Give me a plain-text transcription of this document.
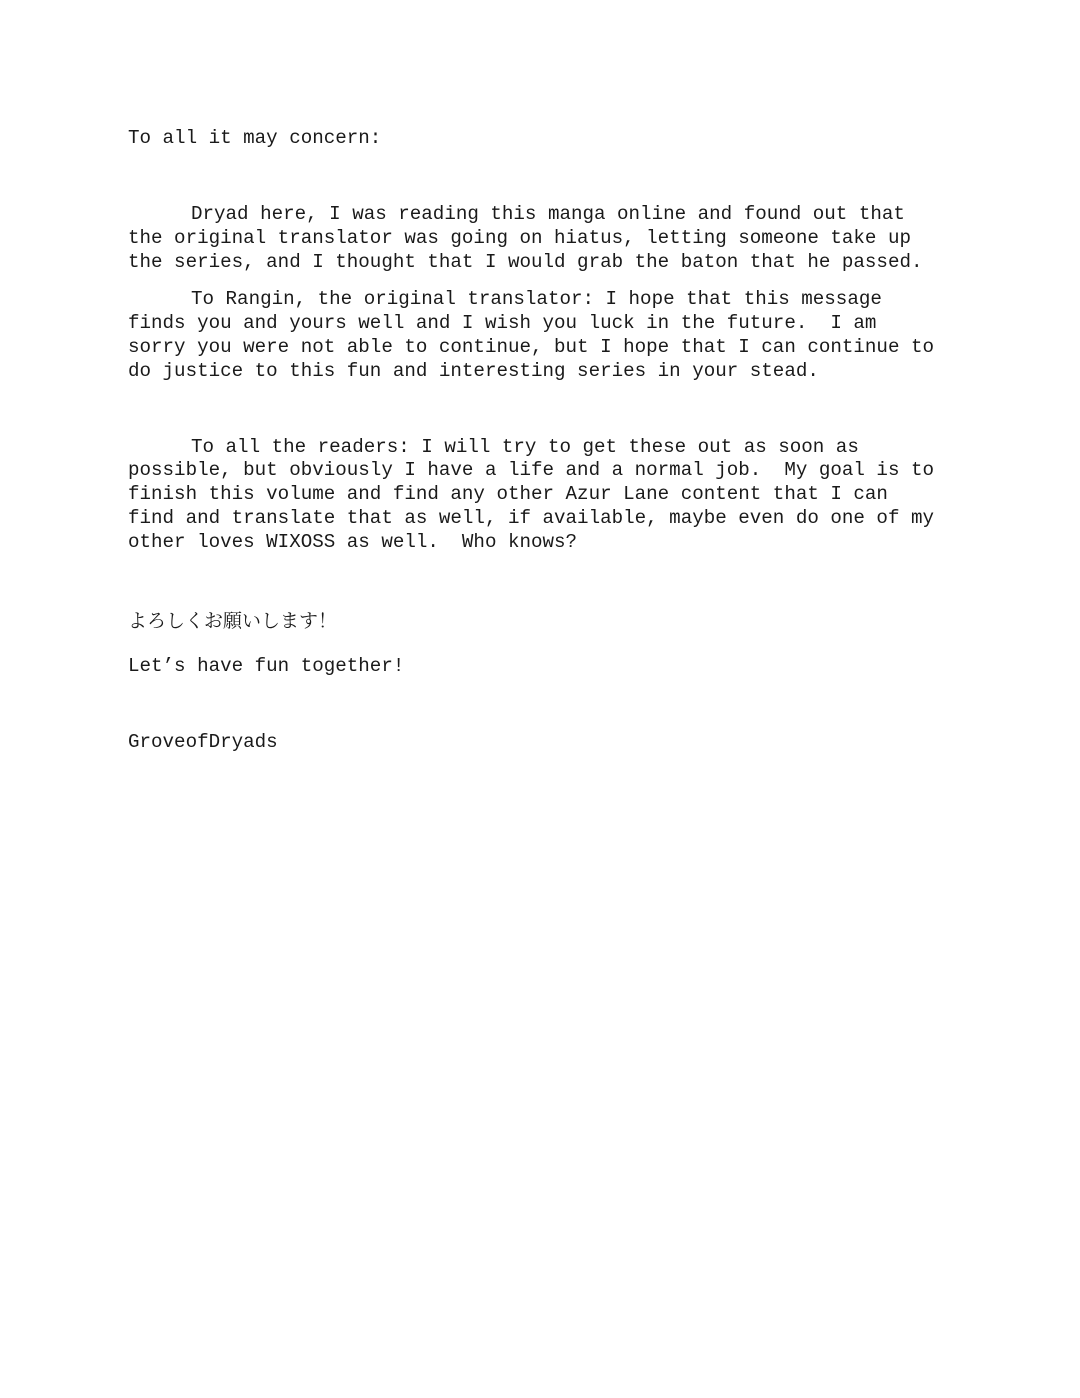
To all it may concern:

Dryad here, I was reading this manga online and found out that

the original translator was going on hiatus, letting someone take up

the series, and I thought that I would grab the baton that he passed.

To Rangin, the original translator: I hope that this message

finds you and yours well and I wish you luck in the future.  I am

sorry you were not able to continue, but I hope that I can continue to

do justice to this fun and interesting series in your stead.

To all the readers: I will try to get these out as soon as

possible, but obviously I have a life and a normal job.  My goal is to

finish this volume and find any other Azur Lane content that I can

find and translate that as well, if available, maybe even do one of my

other loves WIXOSS as well.  Who knows?

よろしくお願いします！

Let’s have fun together!

GroveofDryads
